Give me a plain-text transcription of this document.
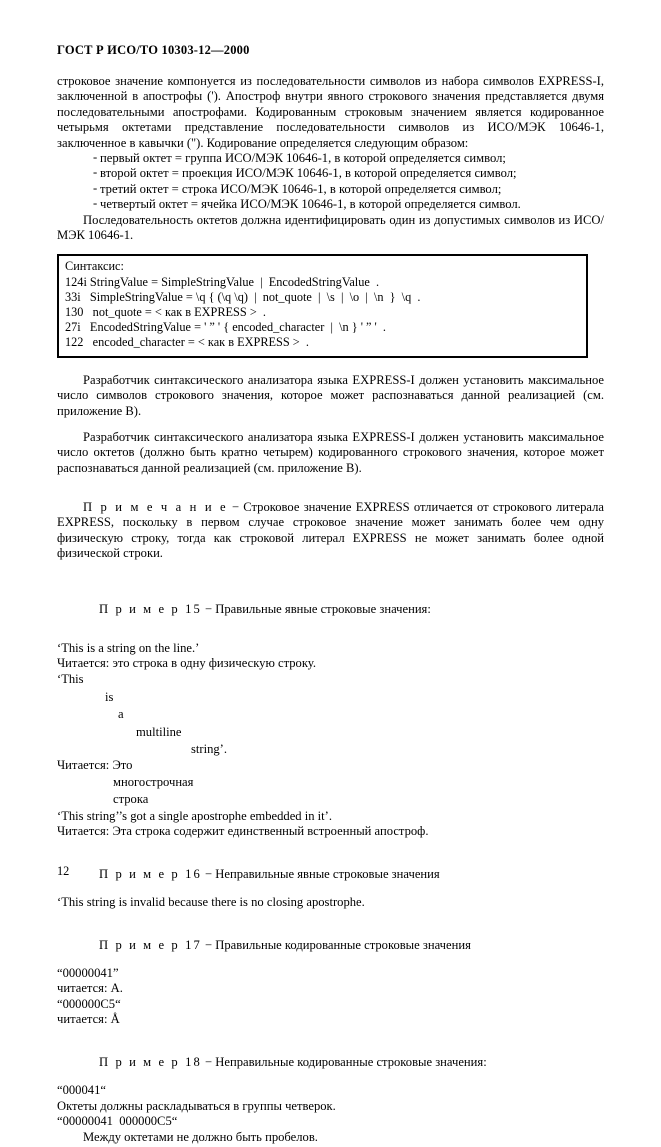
ГОСТ Р ИСО/ТО 10303-12—2000

строковое значение компонуется из последовательности символов из набора символов EXPRESS-I, заключенной в апострофы ('). Апостроф внутри явного строкового значения представляется двумя последовательными апострофами. Кодированным строковым значением является кодированное четырьмя октетами представление последовательности символов из ИСО/МЭК 10646-1, заключенное в кавычки ("). Кодирование определяется следующим образом:

- первый октет = группа ИСО/МЭК 10646-1, в которой определяется символ;
- второй октет = проекция ИСО/МЭК 10646-1, в которой определяется символ;
- третий октет = строка ИСО/МЭК 10646-1, в которой определяется символ;
- четвертый октет = ячейка ИСО/МЭК 10646-1, в которой определяется символ.

Последовательность октетов должна идентифицировать один из допустимых символов из ИСО/МЭК 10646-1.

Синтаксис:
124i StringValue = SimpleStringValue  |  EncodedStringValue  .
33i   SimpleStringValue = \q { (\q \q)  |  not_quote  |  \s  |  \o  |  \n  }  \q  .
130   not_quote = < как в EXPRESS >  .
27i   EncodedStringValue = ' ” ' { encoded_character  |  \n } ' ” '  .
122   encoded_character = < как в EXPRESS >  .

Разработчик синтаксического анализатора языка EXPRESS-I должен установить максимальное число символов строкового значения, которое может распознаваться данной реализацией (см. приложение В).

Разработчик синтаксического анализатора языка EXPRESS-I должен установить максимальное число октетов (должно быть кратно четырем) кодированного строкового значения, которое может распознаваться данной реализацией (см. приложение В).

П р и м е ч а н и е − Строковое значение EXPRESS отличается от строкового литерала EXPRESS, поскольку в первом случае строковое значение может занимать более чем одну физическую строку, тогда как строковой литерал EXPRESS не может занимать более одной физической строки.

П р и м е р 15 − Правильные явные строковые значения:

‘This is a string on the line.’
Читается: это строка в одну физическую строку.
‘This
is
a
multiline
string’.
Читается: Это
многострочная
строка
‘This string’’s got a single apostrophe embedded in it’.
Читается: Эта строка содержит единственный встроенный апостроф.

П р и м е р 16 − Неправильные явные строковые значения

‘This string is invalid because there is no closing apostrophe.

П р и м е р 17 − Правильные кодированные строковые значения

“00000041”
читается: A.
“000000C5“
читается: Å

П р и м е р 18 − Неправильные кодированные строковые значения:

“000041“
Октеты должны раскладываться в группы четверок.
“00000041  000000C5“
Между октетами не должно быть пробелов.
12
